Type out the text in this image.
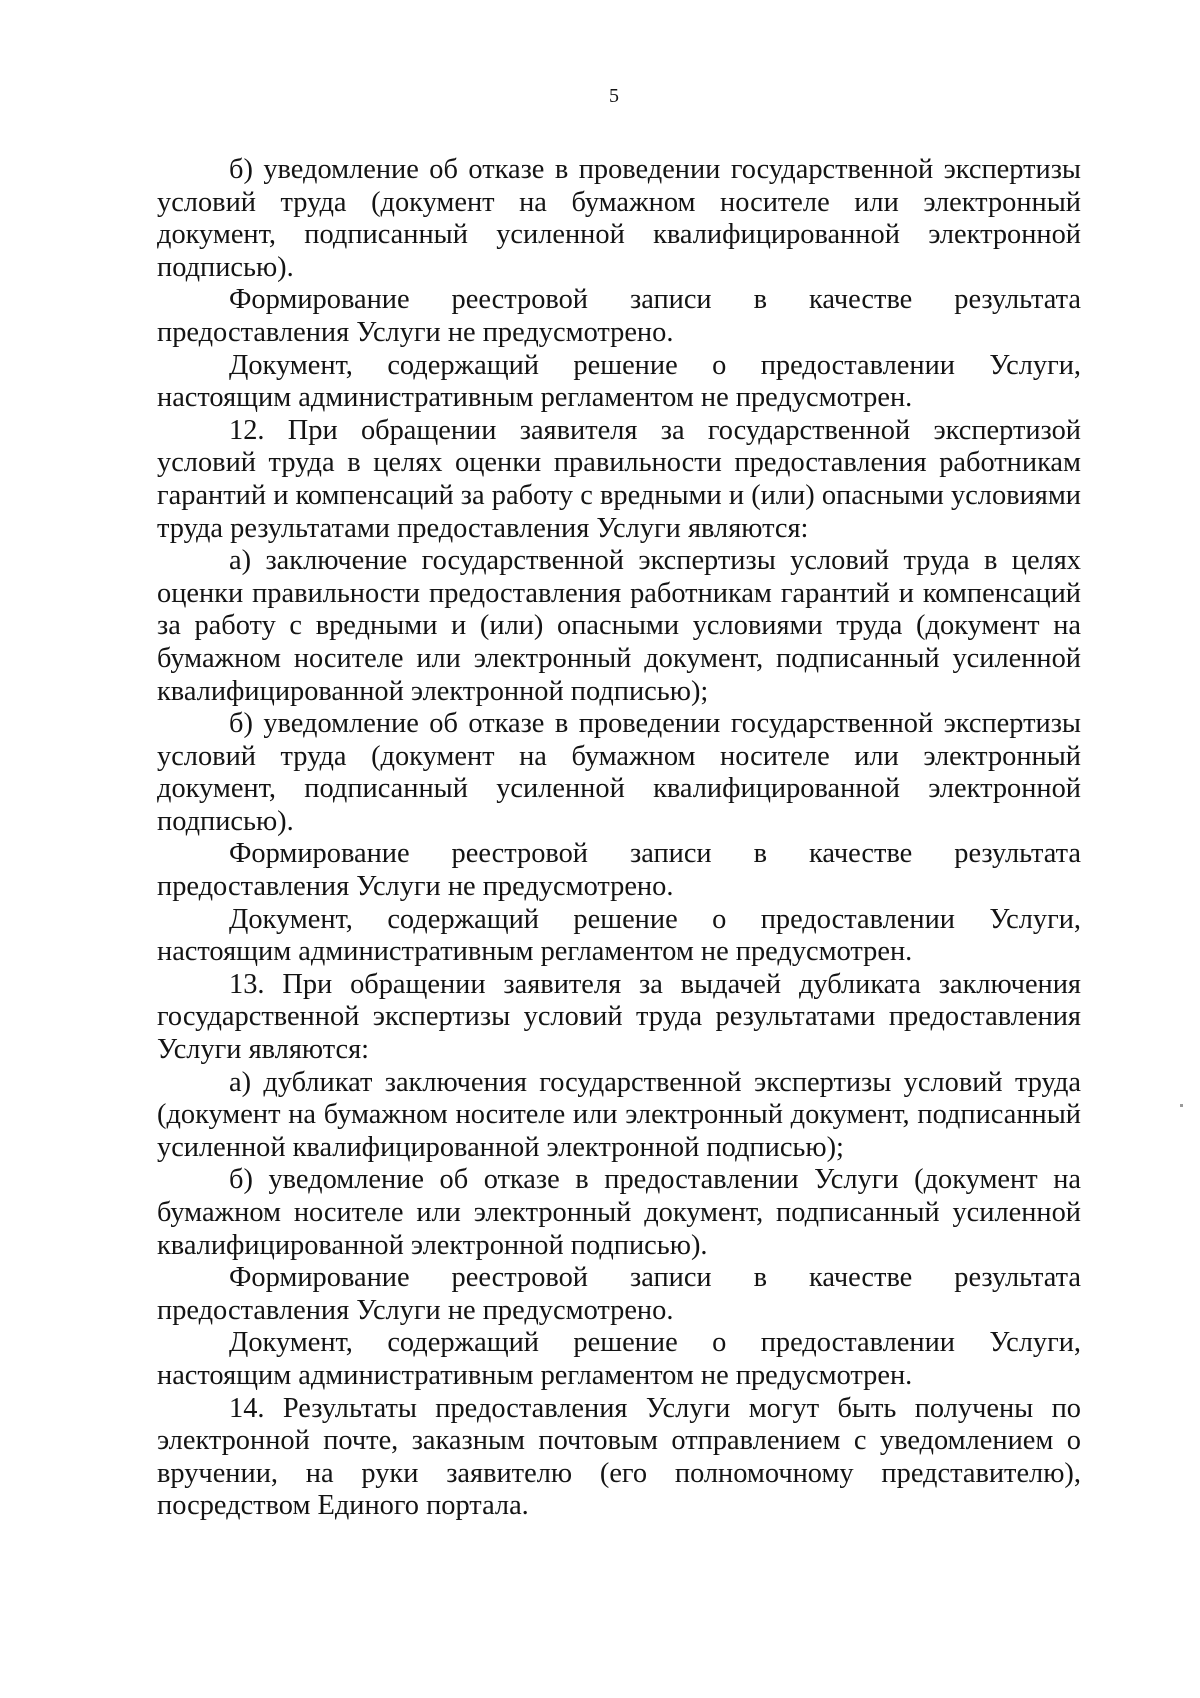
5

б) уведомление об отказе в проведении государственной экспертизы условий труда (документ на бумажном носителе или электронный документ, подписанный усиленной квалифицированной электронной подписью).

Формирование реестровой записи в качестве результата предоставления Услуги не предусмотрено.

Документ, содержащий решение о предоставлении Услуги, настоящим административным регламентом не предусмотрен.

12. При обращении заявителя за государственной экспертизой условий труда в целях оценки правильности предоставления работникам гарантий и компенсаций за работу с вредными и (или) опасными условиями труда результатами предоставления Услуги являются:

а) заключение государственной экспертизы условий труда в целях оценки правильности предоставления работникам гарантий и компенсаций за работу с вредными и (или) опасными условиями труда (документ на бумажном носителе или электронный документ, подписанный усиленной квалифицированной электронной подписью);

б) уведомление об отказе в проведении государственной экспертизы условий труда (документ на бумажном носителе или электронный документ, подписанный усиленной квалифицированной электронной подписью).

Формирование реестровой записи в качестве результата предоставления Услуги не предусмотрено.

Документ, содержащий решение о предоставлении Услуги, настоящим административным регламентом не предусмотрен.

13. При обращении заявителя за выдачей дубликата заключения государственной экспертизы условий труда результатами предоставления Услуги являются:

а) дубликат заключения государственной экспертизы условий труда (документ на бумажном носителе или электронный документ, подписанный усиленной квалифицированной электронной подписью);

б) уведомление об отказе в предоставлении Услуги (документ на бумажном носителе или электронный документ, подписанный усиленной квалифицированной электронной подписью).

Формирование реестровой записи в качестве результата предоставления Услуги не предусмотрено.

Документ, содержащий решение о предоставлении Услуги, настоящим административным регламентом не предусмотрен.

14. Результаты предоставления Услуги могут быть получены по электронной почте, заказным почтовым отправлением с уведомлением о вручении, на руки заявителю (его полномочному представителю), посредством Единого портала.
